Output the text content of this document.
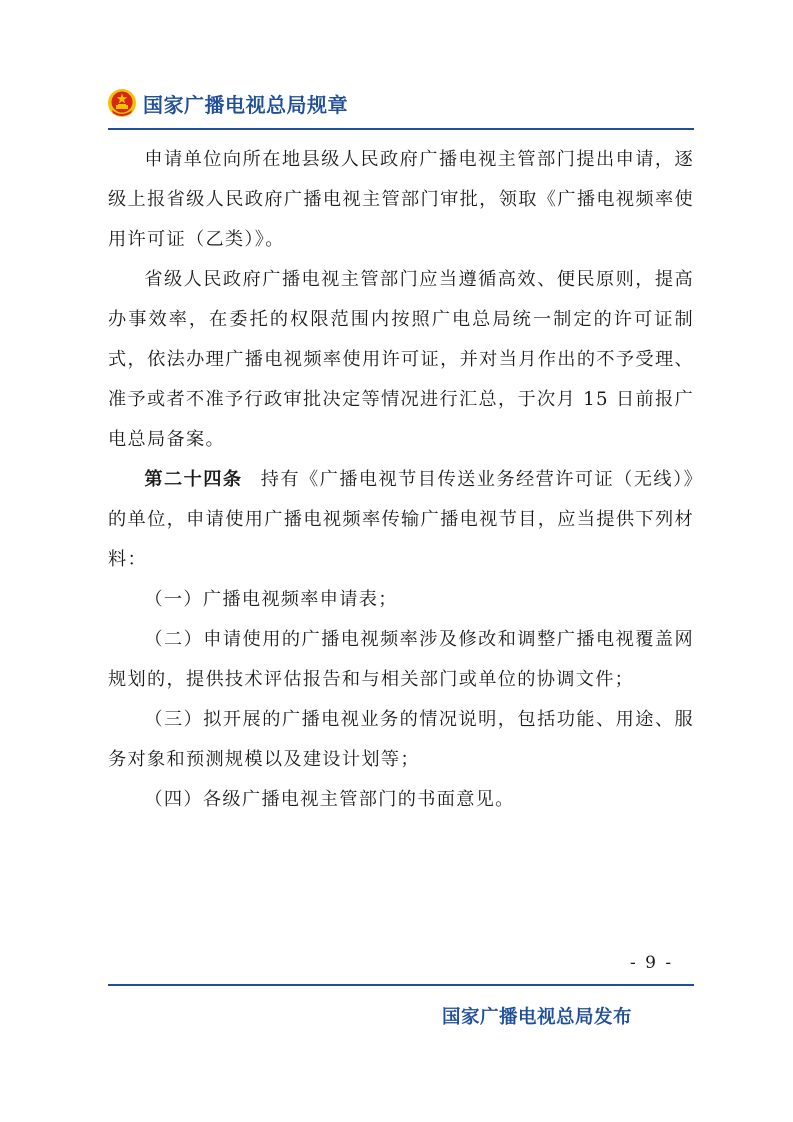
国家广播电视总局规章

申请单位向所在地县级人民政府广播电视主管部门提出申请，逐级上报省级人民政府广播电视主管部门审批，领取《广播电视频率使用许可证（乙类）》。

省级人民政府广播电视主管部门应当遵循高效、便民原则，提高办事效率，在委托的权限范围内按照广电总局统一制定的许可证制式，依法办理广播电视频率使用许可证，并对当月作出的不予受理、准予或者不准予行政审批决定等情况进行汇总，于次月 15 日前报广电总局备案。

第二十四条 持有《广播电视节目传送业务经营许可证（无线）》的单位，申请使用广播电视频率传输广播电视节目，应当提供下列材料：

（一）广播电视频率申请表；

（二）申请使用的广播电视频率涉及修改和调整广播电视覆盖网规划的，提供技术评估报告和与相关部门或单位的协调文件；

（三）拟开展的广播电视业务的情况说明，包括功能、用途、服务对象和预测规模以及建设计划等；

（四）各级广播电视主管部门的书面意见。

- 9 -
国家广播电视总局发布
